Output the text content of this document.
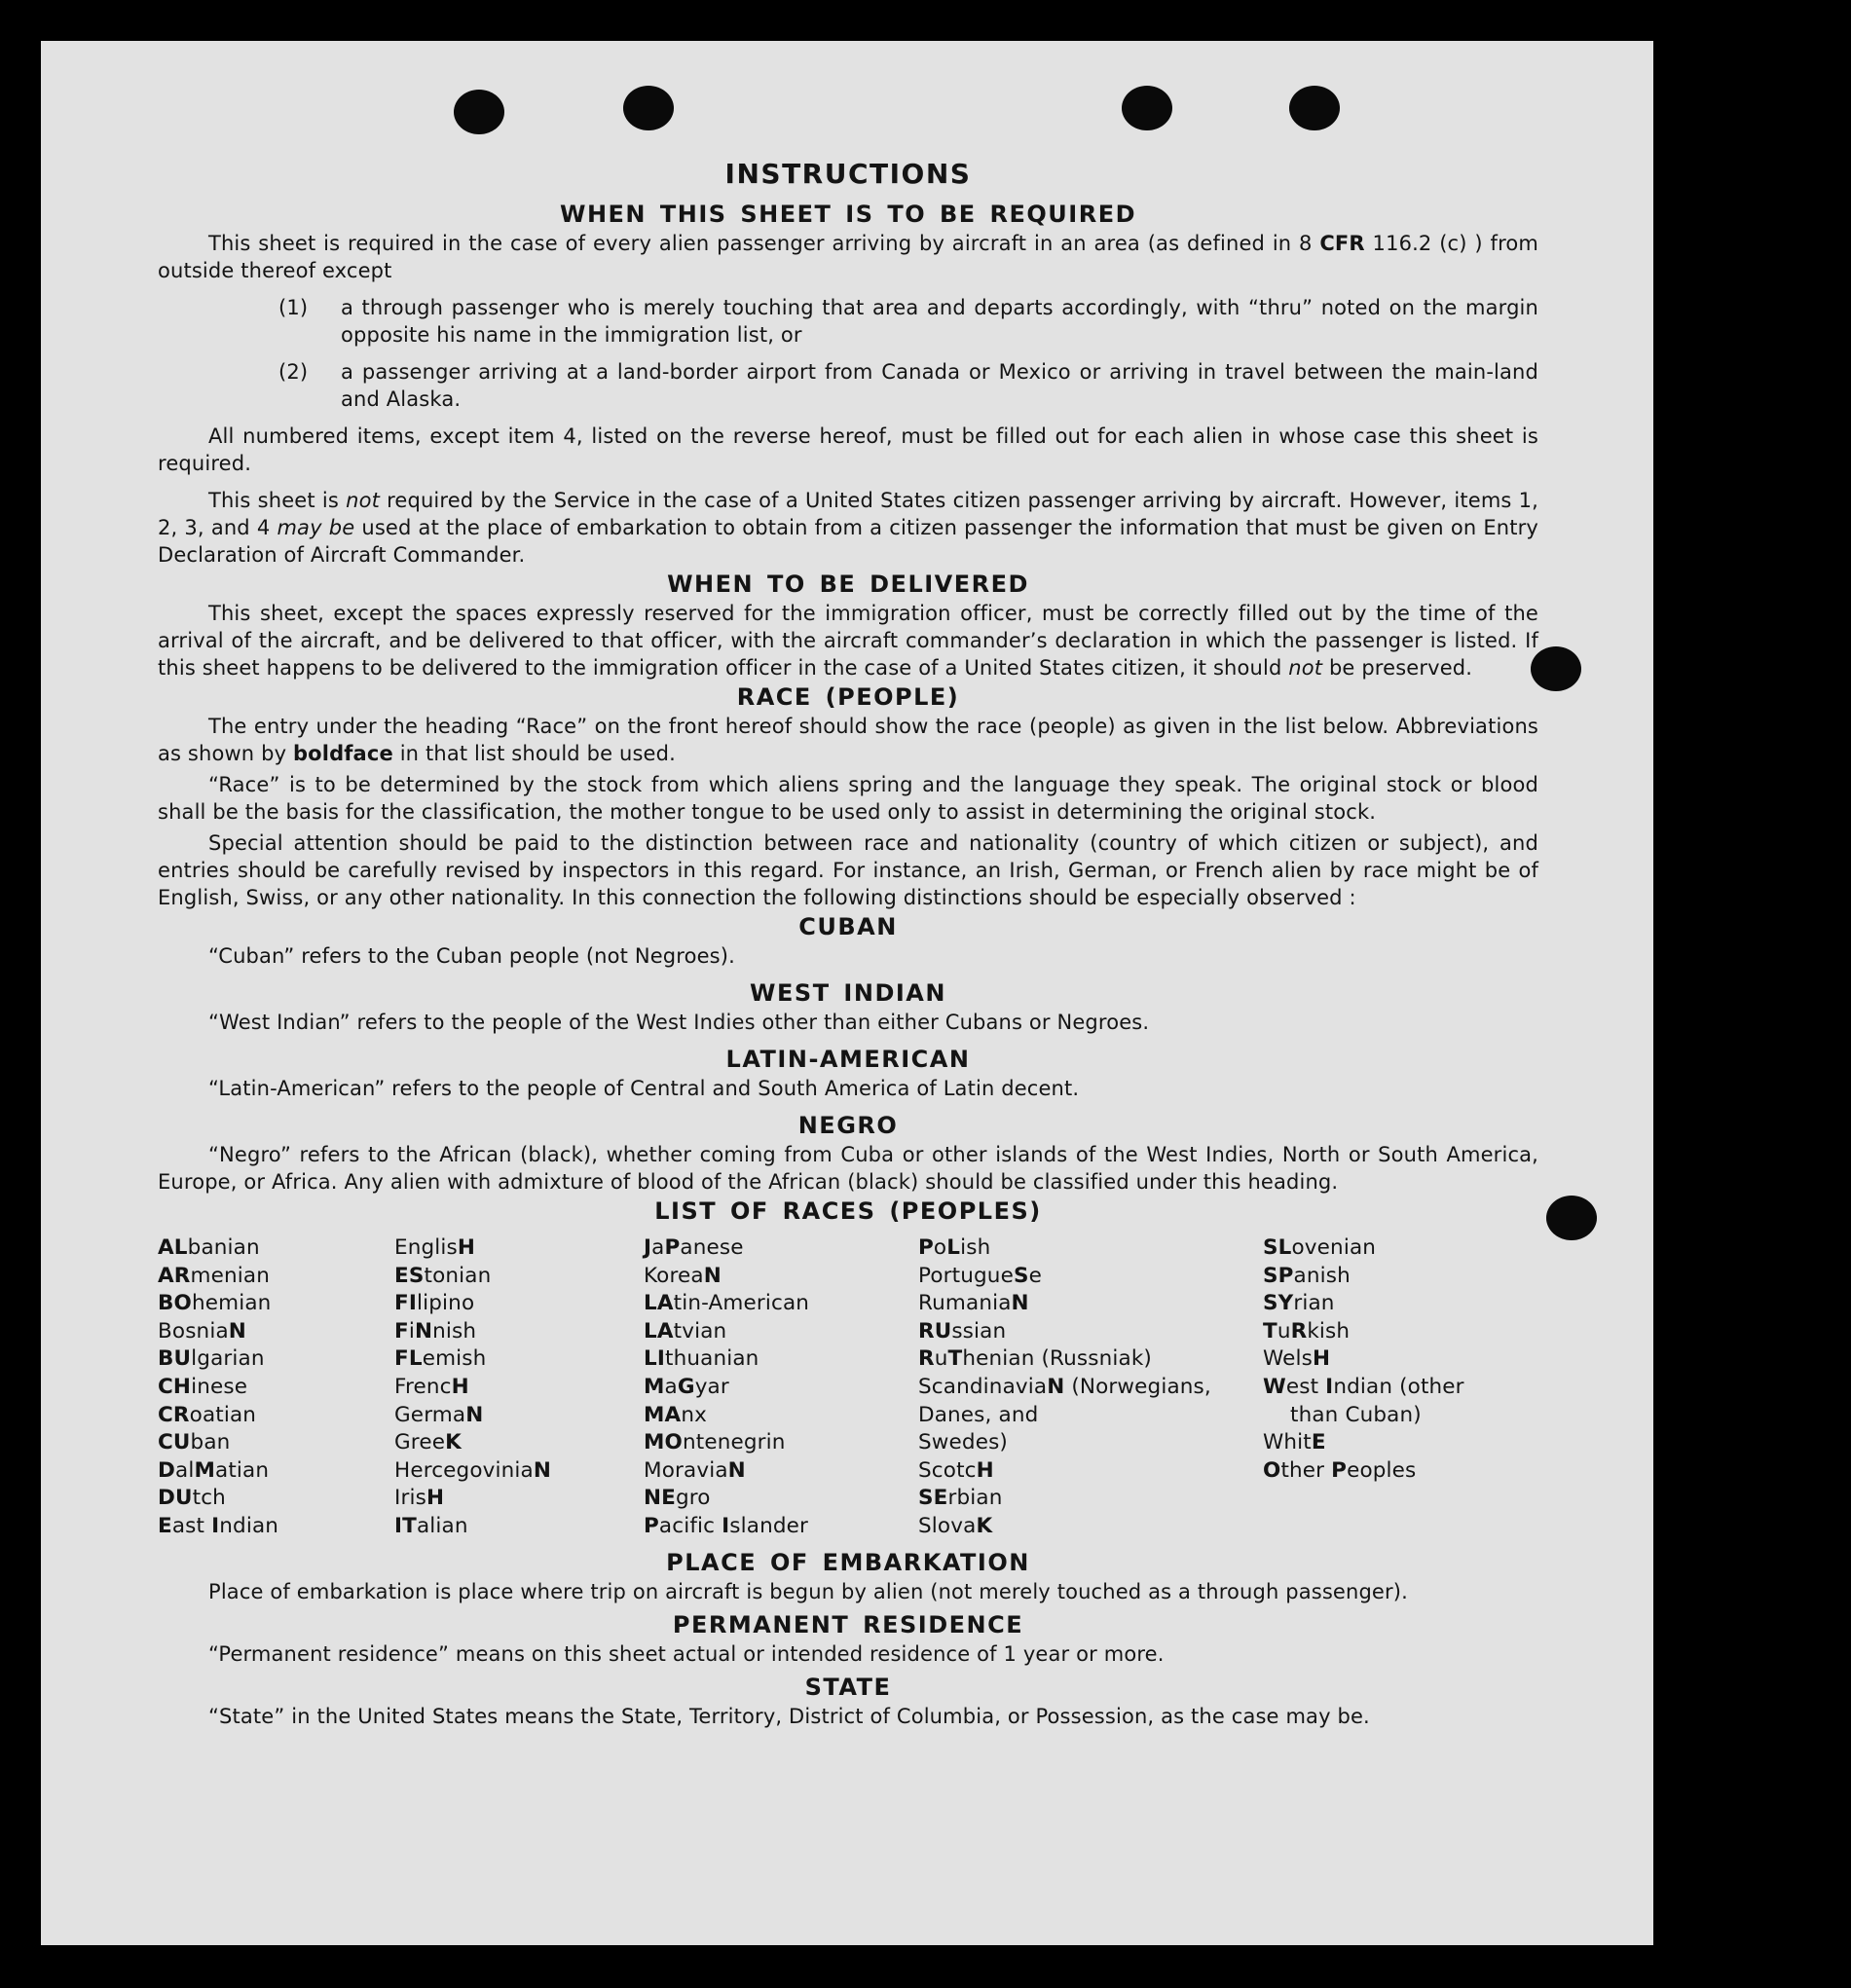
INSTRUCTIONS
WHEN THIS SHEET IS TO BE REQUIRED

This sheet is required in the case of every alien passenger arriving by aircraft in an area (as defined in 8 CFR 116.2 (c) ) from outside thereof except

(1)	a through passenger who is merely touching that area and departs accordingly, with “thru” noted on the margin opposite his name in the immigration list, or
(2)	a passenger arriving at a land-border airport from Canada or Mexico or arriving in travel between the main-land and Alaska.

All numbered items, except item 4, listed on the reverse hereof, must be filled out for each alien in whose case this sheet is required.

This sheet is not required by the Service in the case of a United States citizen passenger arriving by aircraft. However, items 1, 2, 3, and 4 may be used at the place of embarkation to obtain from a citizen passenger the information that must be given on Entry Declaration of Aircraft Commander.

WHEN TO BE DELIVERED

This sheet, except the spaces expressly reserved for the immigration officer, must be correctly filled out by the time of the arrival of the aircraft, and be delivered to that officer, with the aircraft commander’s declaration in which the passenger is listed. If this sheet happens to be delivered to the immigration officer in the case of a United States citizen, it should not be preserved.

RACE (PEOPLE)

The entry under the heading “Race” on the front hereof should show the race (people) as given in the list below. Abbreviations as shown by boldface in that list should be used.

“Race” is to be determined by the stock from which aliens spring and the language they speak. The original stock or blood shall be the basis for the classification, the mother tongue to be used only to assist in determining the original stock.

Special attention should be paid to the distinction between race and nationality (country of which citizen or subject), and entries should be carefully revised by inspectors in this regard. For instance, an Irish, German, or French alien by race might be of English, Swiss, or any other nationality. In this connection the following distinctions should be especially observed :

CUBAN

“Cuban” refers to the Cuban people (not Negroes).

WEST INDIAN

“West Indian” refers to the people of the West Indies other than either Cubans or Negroes.

LATIN-AMERICAN

“Latin-American” refers to the people of Central and South America of Latin decent.

NEGRO

“Negro” refers to the African (black), whether coming from Cuba or other islands of the West Indies, North or South America, Europe, or Africa. Any alien with admixture of blood of the African (black) should be classified under this heading.

LIST OF RACES (PEOPLES)
ALbanian
ARmenian
BOhemian
BosniaN
BUlgarian
CHinese
CRoatian
CUban
DalMatian
DUtch
East Indian
EnglisH
EStonian
FIlipino
FiNnish
FLemish
FrencH
GermaN
GreeK
HercegoviniaN
IrisH
ITalian
JaPanese
KoreaN
LAtin-American
LAtvian
LIthuanian
MaGyar
MAnx
MOntenegrin
MoraviaN
NEgro
Pacific Islander
PoLish
PortugueSe
RumaniaN
RUssian
RuThenian (Russniak)
ScandinaviaN (Norwegians,
Danes, and
Swedes)
ScotcH
SErbian
SlovaK
SLovenian
SPanish
SYrian
TuRkish
WelsH
West Indian (other
than Cuban)
WhitE
Other Peoples
PLACE OF EMBARKATION

Place of embarkation is place where trip on aircraft is begun by alien (not merely touched as a through passenger).

PERMANENT RESIDENCE

“Permanent residence” means on this sheet actual or intended residence of 1 year or more.

STATE

“State” in the United States means the State, Territory, District of Columbia, or Possession, as the case may be.
